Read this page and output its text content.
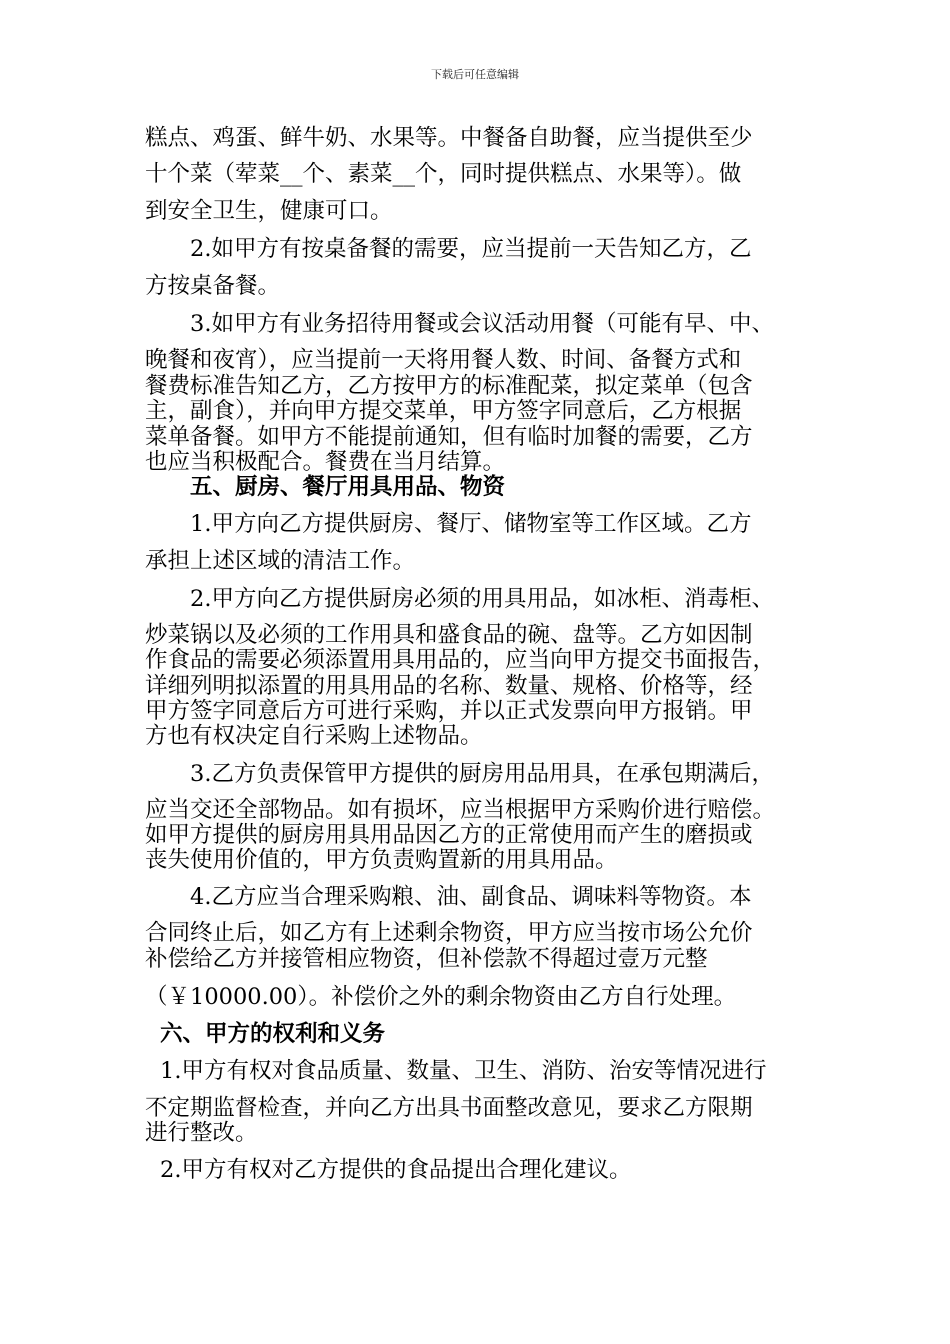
下载后可任意编辑
糕点、鸡蛋、鲜牛奶、水果等。中餐备自助餐，应当提供至少
十个菜（荤菜__个、素菜__个，同时提供糕点、水果等）。做
到安全卫生，健康可口。
2.如甲方有按桌备餐的需要，应当提前一天告知乙方，乙
方按桌备餐。
3.如甲方有业务招待用餐或会议活动用餐（可能有早、中、
晚餐和夜宵），应当提前一天将用餐人数、时间、备餐方式和
餐费标准告知乙方，乙方按甲方的标准配菜，拟定菜单（包含
主，副食），并向甲方提交菜单，甲方签字同意后，乙方根据
菜单备餐。如甲方不能提前通知，但有临时加餐的需要，乙方
也应当积极配合。餐费在当月结算。
五、厨房、餐厅用具用品、物资
1.甲方向乙方提供厨房、餐厅、储物室等工作区域。乙方
承担上述区域的清洁工作。
2.甲方向乙方提供厨房必须的用具用品，如冰柜、消毒柜、
炒菜锅以及必须的工作用具和盛食品的碗、盘等。乙方如因制
作食品的需要必须添置用具用品的，应当向甲方提交书面报告，
详细列明拟添置的用具用品的名称、数量、规格、价格等，经
甲方签字同意后方可进行采购，并以正式发票向甲方报销。甲
方也有权决定自行采购上述物品。
3.乙方负责保管甲方提供的厨房用品用具，在承包期满后，
应当交还全部物品。如有损坏，应当根据甲方采购价进行赔偿。
如甲方提供的厨房用具用品因乙方的正常使用而产生的磨损或
丧失使用价值的，甲方负责购置新的用具用品。
4.乙方应当合理采购粮、油、副食品、调味料等物资。本
合同终止后，如乙方有上述剩余物资，甲方应当按市场公允价
补偿给乙方并接管相应物资，但补偿款不得超过壹万元整
（￥10000.00）。补偿价之外的剩余物资由乙方自行处理。
六、甲方的权利和义务
1.甲方有权对食品质量、数量、卫生、消防、治安等情况进行
不定期监督检查，并向乙方出具书面整改意见，要求乙方限期
进行整改。
2.甲方有权对乙方提供的食品提出合理化建议。
